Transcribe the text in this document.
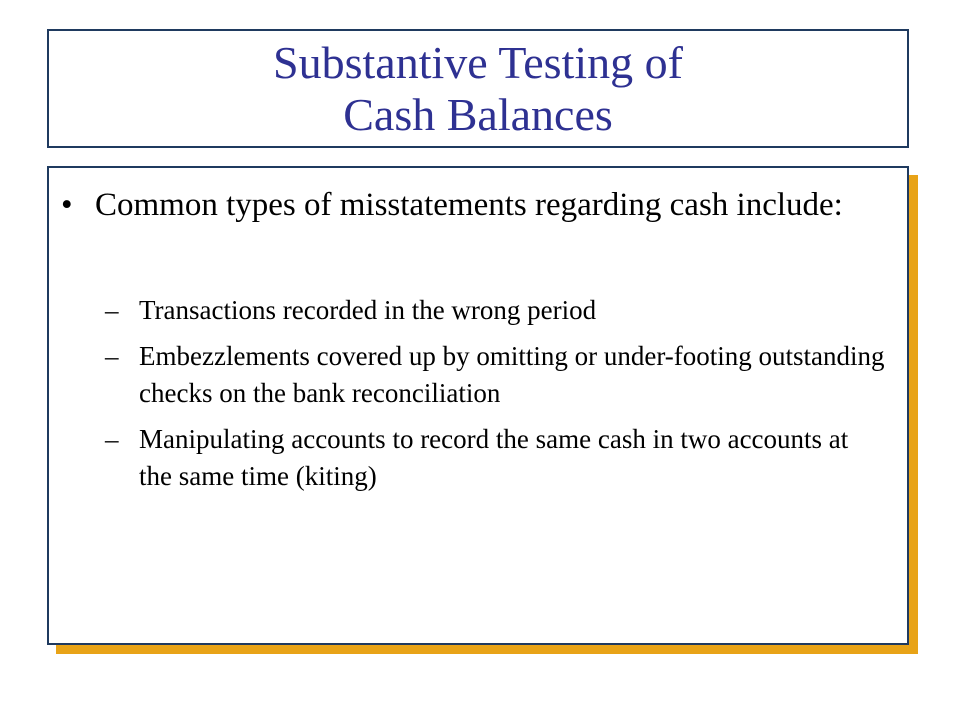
Substantive Testing of
Cash Balances
• Common types of misstatements regarding cash include:
– Transactions recorded in the wrong period
– Embezzlements covered up by omitting or under-footing outstanding checks on the bank reconciliation
– Manipulating accounts to record the same cash in two accounts at the same time (kiting)
